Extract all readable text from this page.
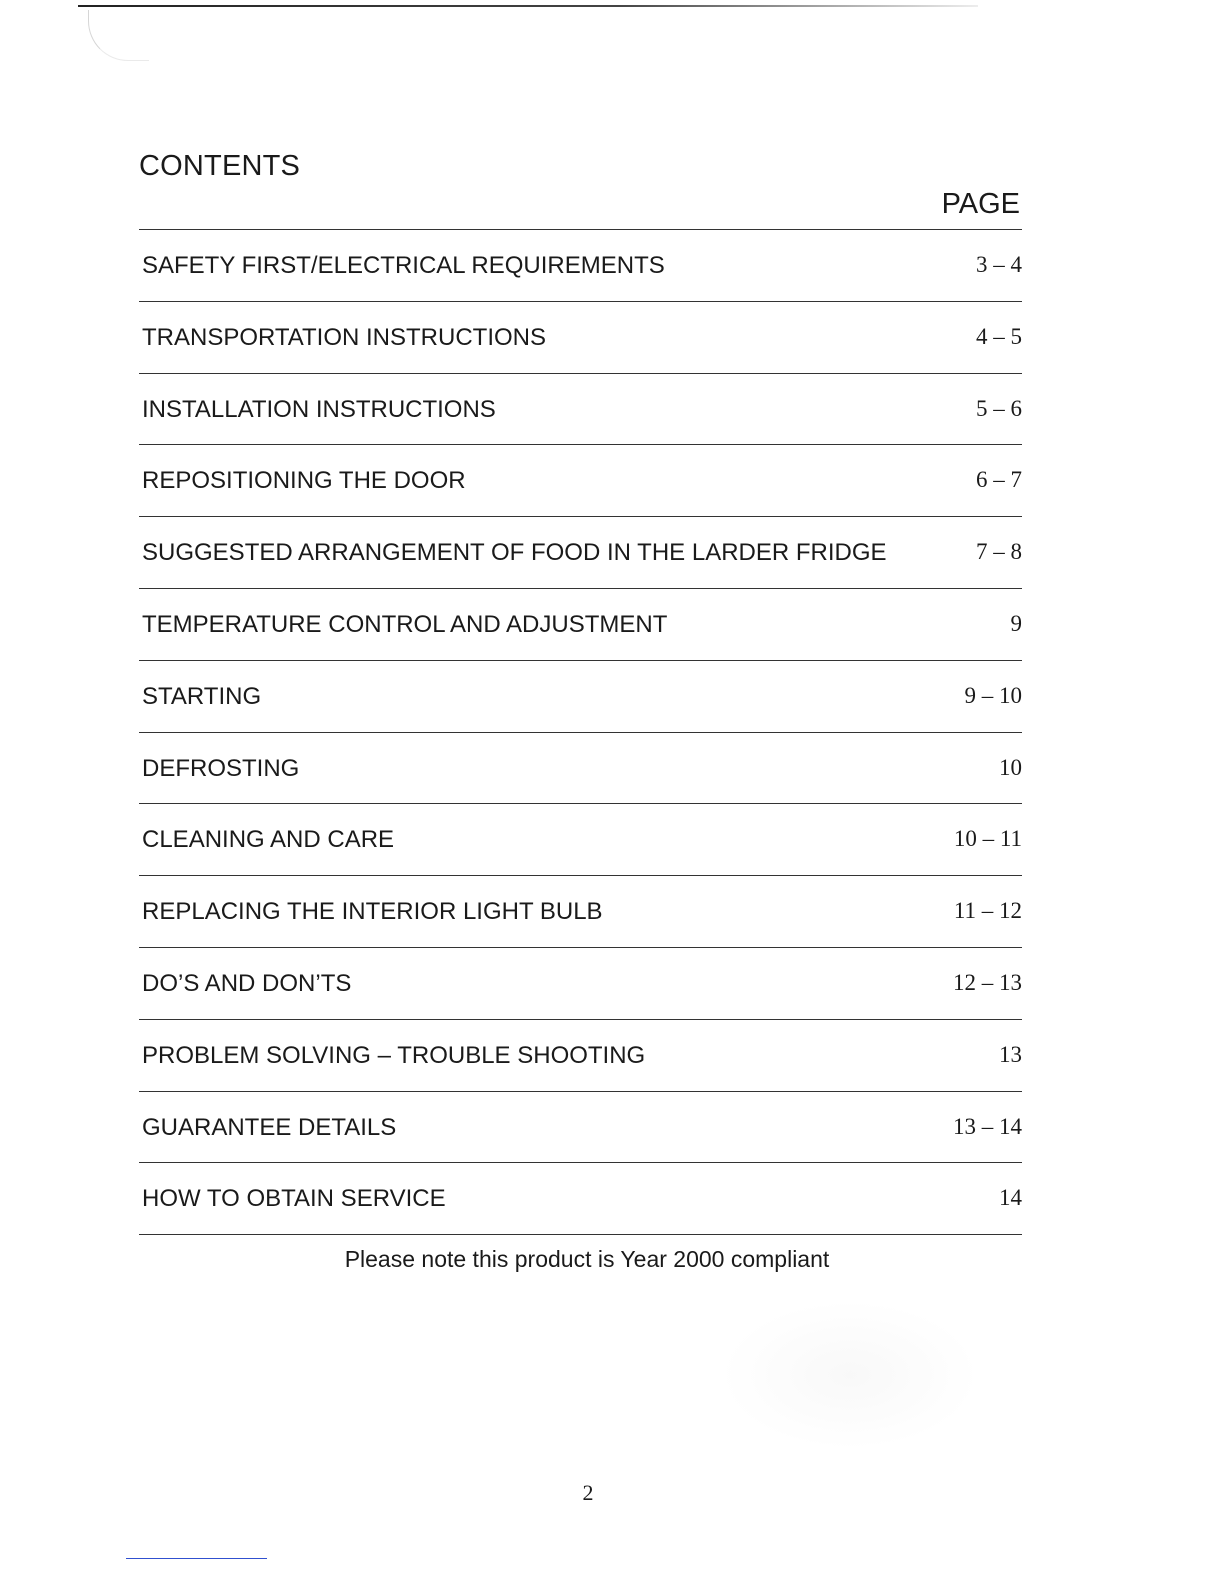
CONTENTS
PAGE
SAFETY FIRST/ELECTRICAL REQUIREMENTS	3 – 4
TRANSPORTATION INSTRUCTIONS	4 – 5
INSTALLATION INSTRUCTIONS	5 – 6
REPOSITIONING THE DOOR	6 – 7
SUGGESTED ARRANGEMENT OF FOOD IN THE LARDER FRIDGE	7 – 8
TEMPERATURE CONTROL AND ADJUSTMENT	9
STARTING	9 – 10
DEFROSTING	10
CLEANING AND CARE	10 – 11
REPLACING THE INTERIOR LIGHT BULB	11 – 12
DO’S AND DON’TS	12 – 13
PROBLEM SOLVING – TROUBLE SHOOTING	13
GUARANTEE DETAILS	13 – 14
HOW TO OBTAIN SERVICE	14
Please note this product is Year 2000 compliant
2
